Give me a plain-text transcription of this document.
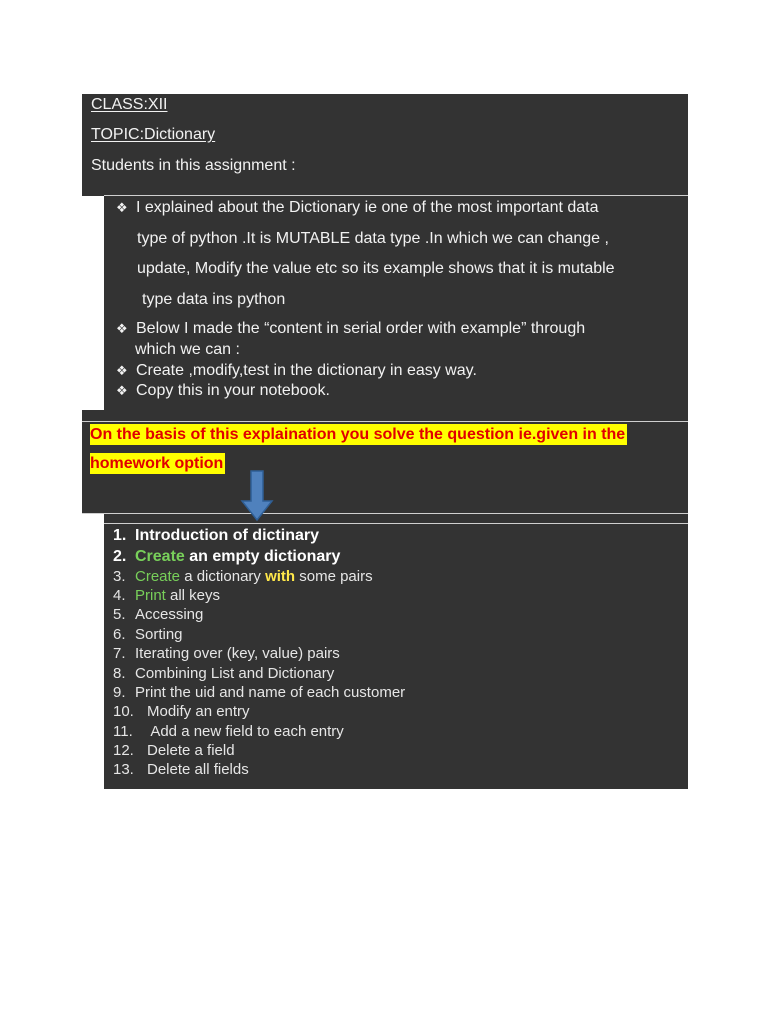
CLASS:XII
TOPIC:Dictionary
Students in this assignment :
❖ I explained about the Dictionary ie one of the most important data
type of python .It is MUTABLE data type .In which we can change ,
update, Modify the value etc so its example shows that it is mutable
type data ins python
❖ Below I made the “content in serial order with example” through
which we can :
❖ Create ,modify,test in the dictionary in easy way.
❖ Copy this in your notebook.
On the basis of this explaination you solve the question ie.given in the
homework option
1. Introduction of dictinary
2. Create an empty dictionary
3. Create a dictionary with some pairs
4. Print all keys
5. Accessing
6. Sorting
7. Iterating over (key, value) pairs
8. Combining List and Dictionary
9. Print the uid and name of each customer
10. Modify an entry
11. Add a new field to each entry
12. Delete a field
13. Delete all fields
